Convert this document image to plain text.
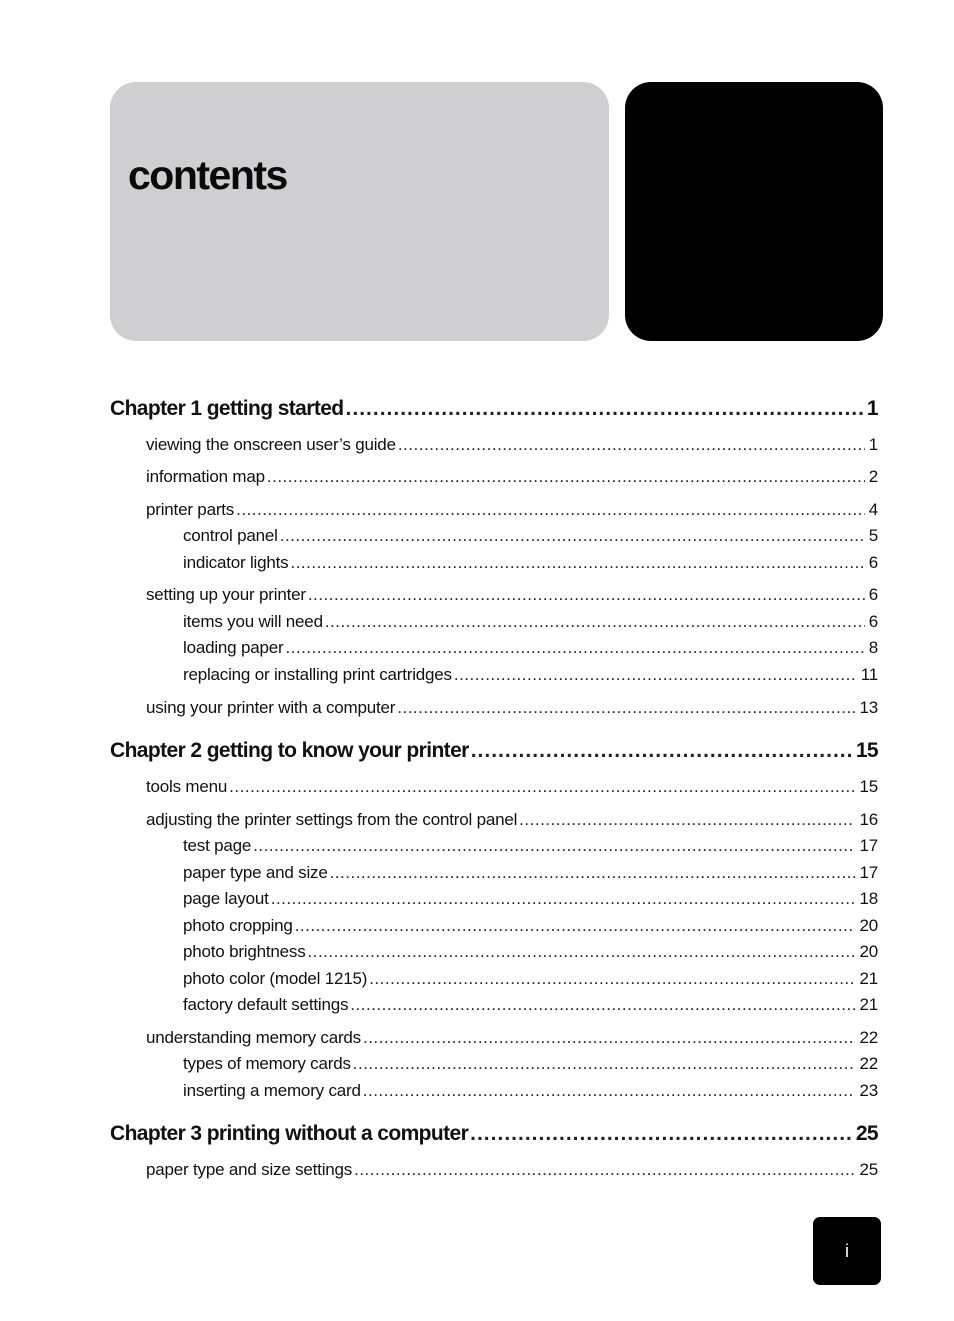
contents
Chapter 1 getting started .....	1
viewing the onscreen user’s guide .....	1
information map .....	2
printer parts .....	4
control panel .....	5
indicator lights .....	6
setting up your printer .....	6
items you will need .....	6
loading paper .....	8
replacing or installing print cartridges .....	11
using your printer with a computer .....	13
Chapter 2 getting to know your printer .....	15
tools menu .....	15
adjusting the printer settings from the control panel .....	16
test page .....	17
paper type and size .....	17
page layout .....	18
photo cropping .....	20
photo brightness .....	20
photo color (model 1215) .....	21
factory default settings .....	21
understanding memory cards .....	22
types of memory cards .....	22
inserting a memory card .....	23
Chapter 3 printing without a computer .....	25
paper type and size settings .....	25
i
